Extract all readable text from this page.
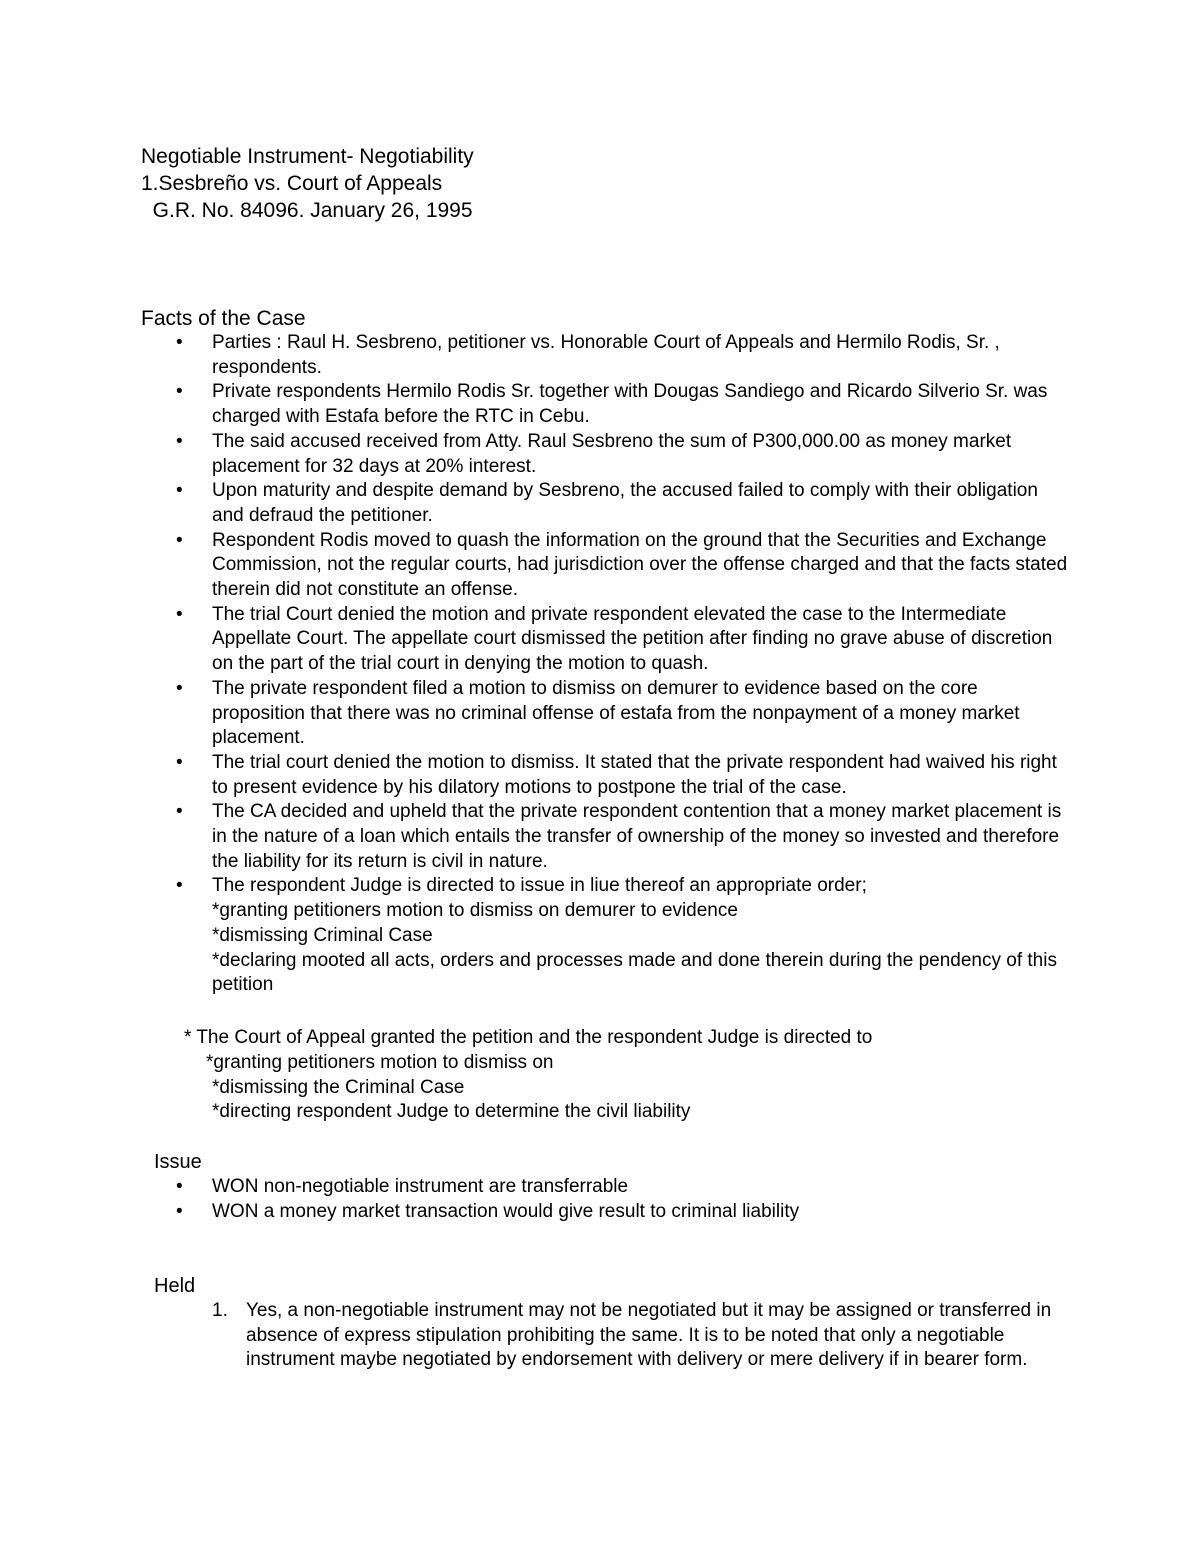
Negotiable Instrument- Negotiability
1.Sesbreño vs. Court of Appeals
G.R. No. 84096. January 26, 1995
Facts of the Case
• Parties : Raul H. Sesbreno, petitioner vs. Honorable Court of Appeals and Hermilo Rodis, Sr. , respondents.
• Private respondents Hermilo Rodis Sr. together with Dougas Sandiego and Ricardo Silverio Sr. was charged with Estafa before the RTC in Cebu.
• The said accused received from Atty. Raul Sesbreno the sum of P300,000.00 as money market placement for 32 days at 20% interest.
• Upon maturity and despite demand by Sesbreno, the accused failed to comply with their obligation and defraud the petitioner.
• Respondent Rodis moved to quash the information on the ground that the Securities and Exchange Commission, not the regular courts, had jurisdiction over the offense charged and that the facts stated therein did not constitute an offense.
• The trial Court denied the motion and private respondent elevated the case to the Intermediate Appellate Court. The appellate court dismissed the petition after finding no grave abuse of discretion on the part of the trial court in denying the motion to quash.
• The private respondent filed a motion to dismiss on demurer to evidence based on the core proposition that there was no criminal offense of estafa from the nonpayment of a money market placement.
• The trial court denied the motion to dismiss. It stated that the private respondent had waived his right to present evidence by his dilatory motions to postpone the trial of the case.
• The CA decided and upheld that the private respondent contention that a money market placement is in the nature of a loan which entails the transfer of ownership of the money so invested and therefore the liability for its return is civil in nature.
• The respondent Judge is directed to issue in liue thereof an appropriate order;
*granting petitioners motion to dismiss on demurer to evidence
*dismissing Criminal Case
*declaring mooted all acts, orders and processes made and done therein during the pendency of this petition
* The Court of Appeal granted the petition and the respondent Judge is directed to
*granting petitioners motion to dismiss on
*dismissing the Criminal Case
*directing respondent Judge to determine the civil liability
Issue
• WON non-negotiable instrument are transferrable
• WON a money market transaction would give result to criminal liability
Held
1. Yes, a non-negotiable instrument may not be negotiated but it may be assigned or transferred in absence of express stipulation prohibiting the same. It is to be noted that only a negotiable instrument maybe negotiated by endorsement with delivery or mere delivery if in bearer form.
